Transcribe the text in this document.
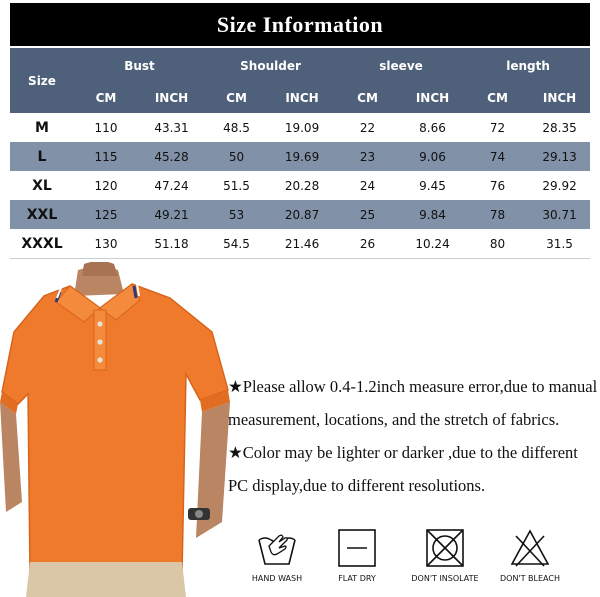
Size Information
Size	Bust		Shoulder		sleeve		length	
	CM	INCH	CM	INCH	CM	INCH	CM	INCH
M	110	43.31	48.5	19.09	22	8.66	72	28.35
L	115	45.28	50	19.69	23	9.06	74	29.13
XL	120	47.24	51.5	20.28	24	9.45	76	29.92
XXL	125	49.21	53	20.87	25	9.84	78	30.71
XXXL	130	51.18	54.5	21.46	26	10.24	80	31.5
★Please allow 0.4-1.2inch measure error,due to manual measurement, locations, and the stretch of fabrics.
★Color may be lighter or darker ,due to the different PC display,due to different resolutions.
HAND WASH	FLAT DRY	DON'T INSOLATE	DON'T BLEACH
